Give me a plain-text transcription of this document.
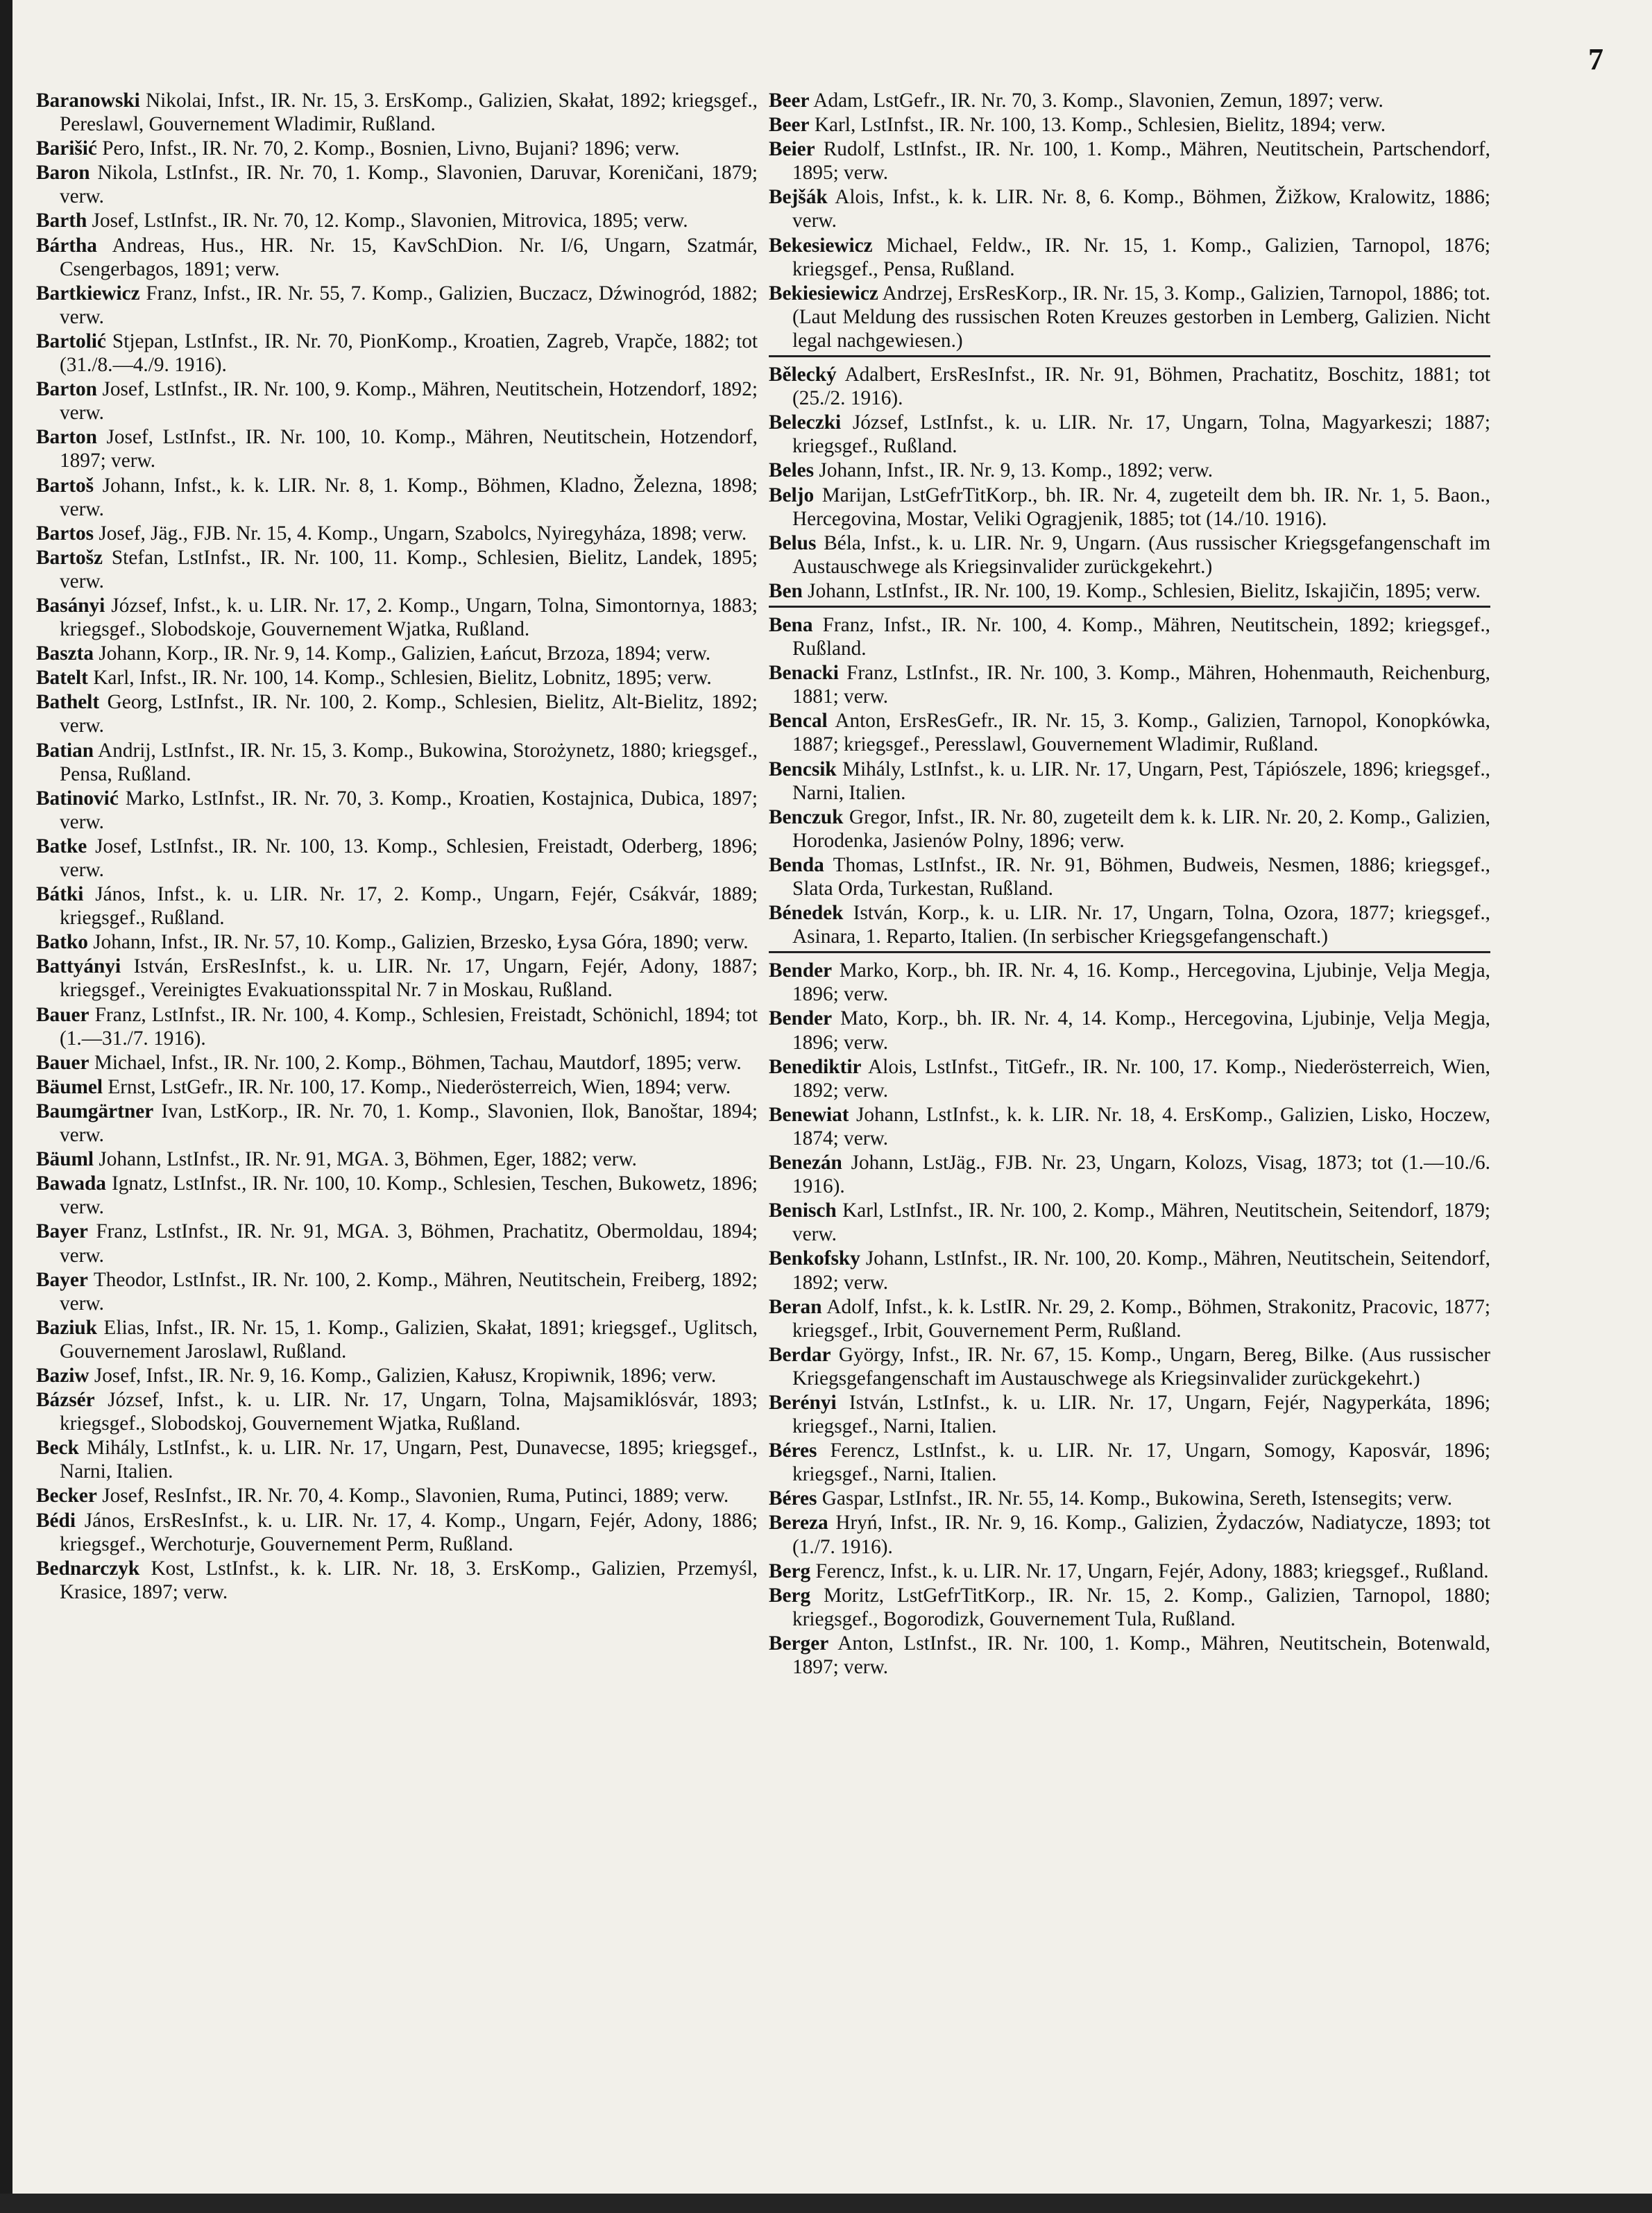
7
Baranowski Nikolai, Infst., IR. Nr. 15, 3. ErsKomp., Galizien, Skałat, 1892; kriegsgef., Pereslawl, Gouvernement Wladimir, Rußland.
Barišić Pero, Infst., IR. Nr. 70, 2. Komp., Bosnien, Livno, Bujani? 1896; verw.
Baron Nikola, LstInfst., IR. Nr. 70, 1. Komp., Slavonien, Daruvar, Koreničani, 1879; verw.
Barth Josef, LstInfst., IR. Nr. 70, 12. Komp., Slavonien, Mitrovica, 1895; verw.
Bártha Andreas, Hus., HR. Nr. 15, KavSchDion. Nr. I/6, Ungarn, Szatmár, Csengerbagos, 1891; verw.
Bartkiewicz Franz, Infst., IR. Nr. 55, 7. Komp., Galizien, Buczacz, Dźwinogród, 1882; verw.
Bartolić Stjepan, LstInfst., IR. Nr. 70, PionKomp., Kroatien, Zagreb, Vrapče, 1882; tot (31./8.—4./9. 1916).
Barton Josef, LstInfst., IR. Nr. 100, 9. Komp., Mähren, Neutitschein, Hotzendorf, 1892; verw.
Barton Josef, LstInfst., IR. Nr. 100, 10. Komp., Mähren, Neutitschein, Hotzendorf, 1897; verw.
Bartoš Johann, Infst., k. k. LIR. Nr. 8, 1. Komp., Böhmen, Kladno, Železna, 1898; verw.
Bartos Josef, Jäg., FJB. Nr. 15, 4. Komp., Ungarn, Szabolcs, Nyiregyháza, 1898; verw.
Bartošz Stefan, LstInfst., IR. Nr. 100, 11. Komp., Schlesien, Bielitz, Landek, 1895; verw.
Basányi József, Infst., k. u. LIR. Nr. 17, 2. Komp., Ungarn, Tolna, Simontornya, 1883; kriegsgef., Slobodskoje, Gouvernement Wjatka, Rußland.
Baszta Johann, Korp., IR. Nr. 9, 14. Komp., Galizien, Łańcut, Brzoza, 1894; verw.
Batelt Karl, Infst., IR. Nr. 100, 14. Komp., Schlesien, Bielitz, Lobnitz, 1895; verw.
Bathelt Georg, LstInfst., IR. Nr. 100, 2. Komp., Schlesien, Bielitz, Alt-Bielitz, 1892; verw.
Batian Andrij, LstInfst., IR. Nr. 15, 3. Komp., Bukowina, Storożynetz, 1880; kriegsgef., Pensa, Rußland.
Batinović Marko, LstInfst., IR. Nr. 70, 3. Komp., Kroatien, Kostajnica, Dubica, 1897; verw.
Batke Josef, LstInfst., IR. Nr. 100, 13. Komp., Schlesien, Freistadt, Oderberg, 1896; verw.
Bátki János, Infst., k. u. LIR. Nr. 17, 2. Komp., Ungarn, Fejér, Csákvár, 1889; kriegsgef., Rußland.
Batko Johann, Infst., IR. Nr. 57, 10. Komp., Galizien, Brzesko, Łysa Góra, 1890; verw.
Battyányi István, ErsResInfst., k. u. LIR. Nr. 17, Ungarn, Fejér, Adony, 1887; kriegsgef., Vereinigtes Evakuationsspital Nr. 7 in Moskau, Rußland.
Bauer Franz, LstInfst., IR. Nr. 100, 4. Komp., Schlesien, Freistadt, Schönichl, 1894; tot (1.—31./7. 1916).
Bauer Michael, Infst., IR. Nr. 100, 2. Komp., Böhmen, Tachau, Mautdorf, 1895; verw.
Bäumel Ernst, LstGefr., IR. Nr. 100, 17. Komp., Niederösterreich, Wien, 1894; verw.
Baumgärtner Ivan, LstKorp., IR. Nr. 70, 1. Komp., Slavonien, Ilok, Banoštar, 1894; verw.
Bäuml Johann, LstInfst., IR. Nr. 91, MGA. 3, Böhmen, Eger, 1882; verw.
Bawada Ignatz, LstInfst., IR. Nr. 100, 10. Komp., Schlesien, Teschen, Bukowetz, 1896; verw.
Bayer Franz, LstInfst., IR. Nr. 91, MGA. 3, Böhmen, Prachatitz, Obermoldau, 1894; verw.
Bayer Theodor, LstInfst., IR. Nr. 100, 2. Komp., Mähren, Neutitschein, Freiberg, 1892; verw.
Baziuk Elias, Infst., IR. Nr. 15, 1. Komp., Galizien, Skałat, 1891; kriegsgef., Uglitsch, Gouvernement Jaroslawl, Rußland.
Baziw Josef, Infst., IR. Nr. 9, 16. Komp., Galizien, Kałusz, Kropiwnik, 1896; verw.
Bázsér József, Infst., k. u. LIR. Nr. 17, Ungarn, Tolna, Majsamiklósvár, 1893; kriegsgef., Slobodskoj, Gouvernement Wjatka, Rußland.
Beck Mihály, LstInfst., k. u. LIR. Nr. 17, Ungarn, Pest, Dunavecse, 1895; kriegsgef., Narni, Italien.
Becker Josef, ResInfst., IR. Nr. 70, 4. Komp., Slavonien, Ruma, Putinci, 1889; verw.
Bédi János, ErsResInfst., k. u. LIR. Nr. 17, 4. Komp., Ungarn, Fejér, Adony, 1886; kriegsgef., Werchoturje, Gouvernement Perm, Rußland.
Bednarczyk Kost, LstInfst., k. k. LIR. Nr. 18, 3. ErsKomp., Galizien, Przemyśl, Krasice, 1897; verw.
Beer Adam, LstGefr., IR. Nr. 70, 3. Komp., Slavonien, Zemun, 1897; verw.
Beer Karl, LstInfst., IR. Nr. 100, 13. Komp., Schlesien, Bielitz, 1894; verw.
Beier Rudolf, LstInfst., IR. Nr. 100, 1. Komp., Mähren, Neutitschein, Partschendorf, 1895; verw.
Bejšák Alois, Infst., k. k. LIR. Nr. 8, 6. Komp., Böhmen, Žižkow, Kralowitz, 1886; verw.
Bekesiewicz Michael, Feldw., IR. Nr. 15, 1. Komp., Galizien, Tarnopol, 1876; kriegsgef., Pensa, Rußland.
Bekiesiewicz Andrzej, ErsResKorp., IR. Nr. 15, 3. Komp., Galizien, Tarnopol, 1886; tot. (Laut Meldung des russischen Roten Kreuzes gestorben in Lemberg, Galizien. Nicht legal nachgewiesen.)
Bělecký Adalbert, ErsResInfst., IR. Nr. 91, Böhmen, Prachatitz, Boschitz, 1881; tot (25./2. 1916).
Beleczki József, LstInfst., k. u. LIR. Nr. 17, Ungarn, Tolna, Magyarkeszi; 1887; kriegsgef., Rußland.
Beles Johann, Infst., IR. Nr. 9, 13. Komp., 1892; verw.
Beljo Marijan, LstGefrTitKorp., bh. IR. Nr. 4, zugeteilt dem bh. IR. Nr. 1, 5. Baon., Hercegovina, Mostar, Veliki Ogragjenik, 1885; tot (14./10. 1916).
Belus Béla, Infst., k. u. LIR. Nr. 9, Ungarn. (Aus russischer Kriegsgefangenschaft im Austauschwege als Kriegsinvalider zurückgekehrt.)
Ben Johann, LstInfst., IR. Nr. 100, 19. Komp., Schlesien, Bielitz, Iskajičin, 1895; verw.
Bena Franz, Infst., IR. Nr. 100, 4. Komp., Mähren, Neutitschein, 1892; kriegsgef., Rußland.
Benacki Franz, LstInfst., IR. Nr. 100, 3. Komp., Mähren, Hohenmauth, Reichenburg, 1881; verw.
Bencal Anton, ErsResGefr., IR. Nr. 15, 3. Komp., Galizien, Tarnopol, Konopkówka, 1887; kriegsgef., Peresslawl, Gouvernement Wladimir, Rußland.
Bencsik Mihály, LstInfst., k. u. LIR. Nr. 17, Ungarn, Pest, Tápiószele, 1896; kriegsgef., Narni, Italien.
Benczuk Gregor, Infst., IR. Nr. 80, zugeteilt dem k. k. LIR. Nr. 20, 2. Komp., Galizien, Horodenka, Jasienów Polny, 1896; verw.
Benda Thomas, LstInfst., IR. Nr. 91, Böhmen, Budweis, Nesmen, 1886; kriegsgef., Slata Orda, Turkestan, Rußland.
Bénedek István, Korp., k. u. LIR. Nr. 17, Ungarn, Tolna, Ozora, 1877; kriegsgef., Asinara, 1. Reparto, Italien. (In serbischer Kriegsgefangenschaft.)
Bender Marko, Korp., bh. IR. Nr. 4, 16. Komp., Hercegovina, Ljubinje, Velja Megja, 1896; verw.
Bender Mato, Korp., bh. IR. Nr. 4, 14. Komp., Hercegovina, Ljubinje, Velja Megja, 1896; verw.
Benediktir Alois, LstInfst., TitGefr., IR. Nr. 100, 17. Komp., Niederösterreich, Wien, 1892; verw.
Benewiat Johann, LstInfst., k. k. LIR. Nr. 18, 4. ErsKomp., Galizien, Lisko, Hoczew, 1874; verw.
Benezán Johann, LstJäg., FJB. Nr. 23, Ungarn, Kolozs, Visag, 1873; tot (1.—10./6. 1916).
Benisch Karl, LstInfst., IR. Nr. 100, 2. Komp., Mähren, Neutitschein, Seitendorf, 1879; verw.
Benkofsky Johann, LstInfst., IR. Nr. 100, 20. Komp., Mähren, Neutitschein, Seitendorf, 1892; verw.
Beran Adolf, Infst., k. k. LstIR. Nr. 29, 2. Komp., Böhmen, Strakonitz, Pracovic, 1877; kriegsgef., Irbit, Gouvernement Perm, Rußland.
Berdar György, Infst., IR. Nr. 67, 15. Komp., Ungarn, Bereg, Bilke. (Aus russischer Kriegsgefangenschaft im Austauschwege als Kriegsinvalider zurückgekehrt.)
Berényi István, LstInfst., k. u. LIR. Nr. 17, Ungarn, Fejér, Nagyperkáta, 1896; kriegsgef., Narni, Italien.
Béres Ferencz, LstInfst., k. u. LIR. Nr. 17, Ungarn, Somogy, Kaposvár, 1896; kriegsgef., Narni, Italien.
Béres Gaspar, LstInfst., IR. Nr. 55, 14. Komp., Bukowina, Sereth, Istensegits; verw.
Bereza Hryń, Infst., IR. Nr. 9, 16. Komp., Galizien, Żydaczów, Nadiatycze, 1893; tot (1./7. 1916).
Berg Ferencz, Infst., k. u. LIR. Nr. 17, Ungarn, Fejér, Adony, 1883; kriegsgef., Rußland.
Berg Moritz, LstGefrTitKorp., IR. Nr. 15, 2. Komp., Galizien, Tarnopol, 1880; kriegsgef., Bogorodizk, Gouvernement Tula, Rußland.
Berger Anton, LstInfst., IR. Nr. 100, 1. Komp., Mähren, Neutitschein, Botenwald, 1897; verw.
